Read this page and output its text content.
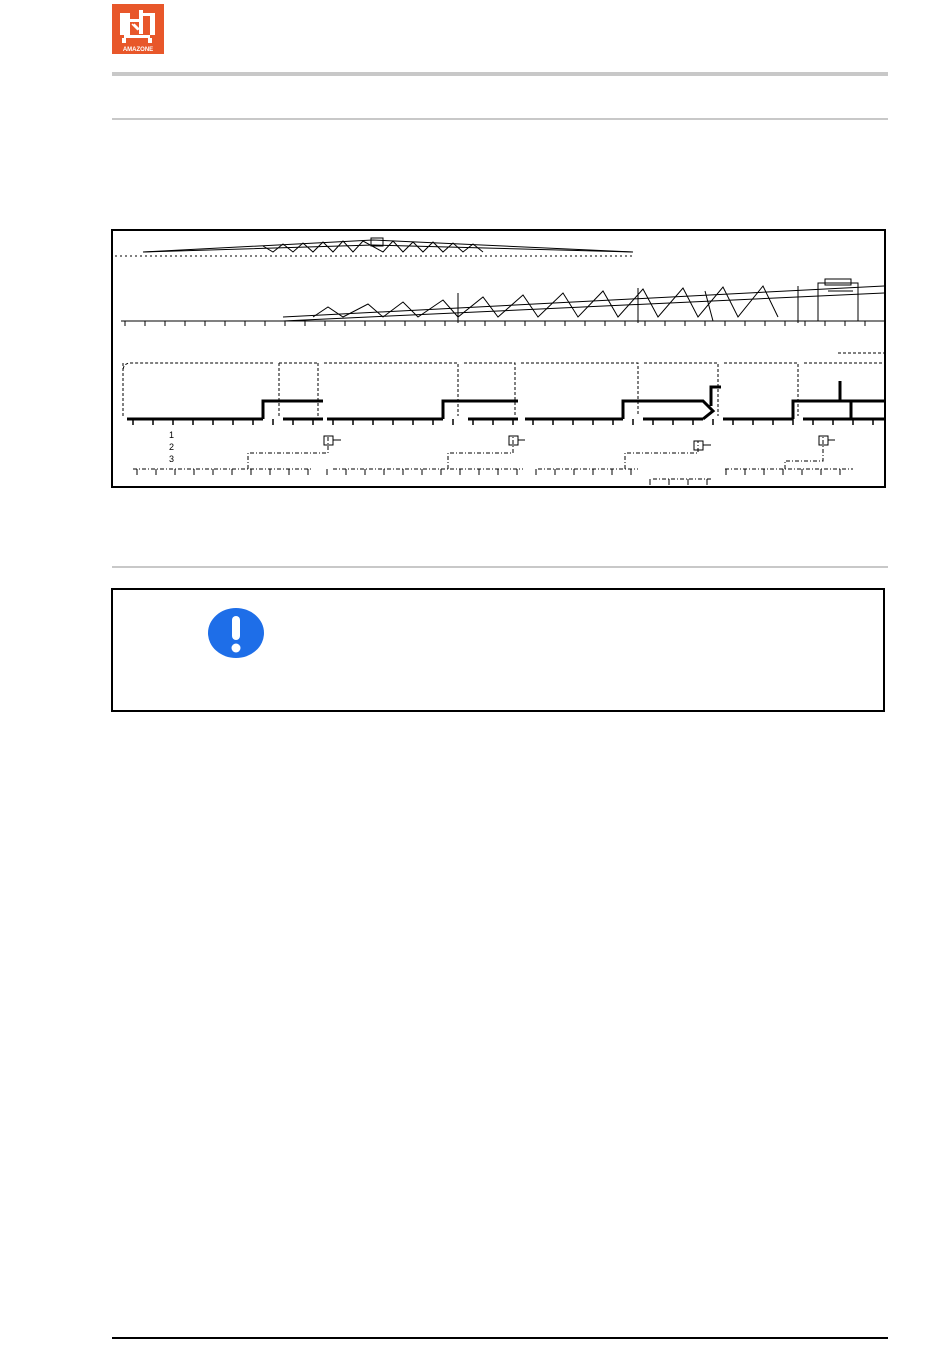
AMAZONE
1
2
3
